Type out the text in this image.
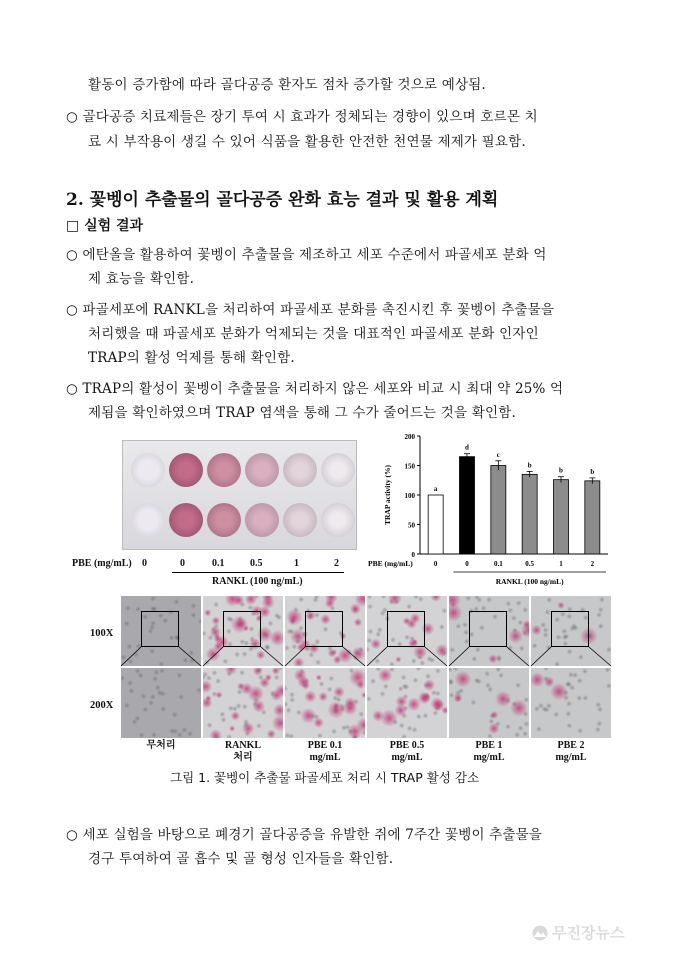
활동이 증가함에 따라 골다공증 환자도 점차 증가할 것으로 예상됨.
○ 골다공증 치료제들은 장기 투여 시 효과가 정체되는 경향이 있으며 호르몬 치
료 시 부작용이 생길 수 있어 식품을 활용한 안전한 천연물 제제가 필요함.
2. 꽃벵이 추출물의 골다공증 완화 효능 결과 및 활용 계획
□ 실험 결과
○ 에탄올을 활용하여 꽃벵이 추출물을 제조하고 세포 수준에서 파골세포 분화 억
제 효능을 확인함.
○ 파골세포에 RANKL을 처리하여 파골세포 분화를 촉진시킨 후 꽃벵이 추출물을
처리했을 때 파골세포 분화가 억제되는 것을 대표적인 파골세포 분화 인자인
TRAP의 활성 억제를 통해 확인함.
○ TRAP의 활성이 꽃벵이 추출물을 처리하지 않은 세포와 비교 시 최대 약 25% 억
제됨을 확인하였으며 TRAP 염색을 통해 그 수가 줄어드는 것을 확인함.
PBE (mg/mL) 0	0	0.1	0.5	1	2
RANKL (100 ng/mL)
0
50
100
150
200
TRAP activity (%)	a
0
d
0
c
0.1
b
0.5
b
1
b
2
PBE (mg/mL)
RANKL (100 ng/mL)
100X
200X
무처리	RANKL
처리
PBE 0.1
mg/mL
PBE 0.5
mg/mL
PBE 1
mg/mL
PBE 2
mg/mL
그림 1. 꽃벵이 추출물 파골세포 처리 시 TRAP 활성 감소
○ 세포 실험을 바탕으로 폐경기 골다공증을 유발한 쥐에 7주간 꽃벵이 추출물을
경구 투여하여 골 흡수 및 골 형성 인자들을 확인함.
무진장뉴스
